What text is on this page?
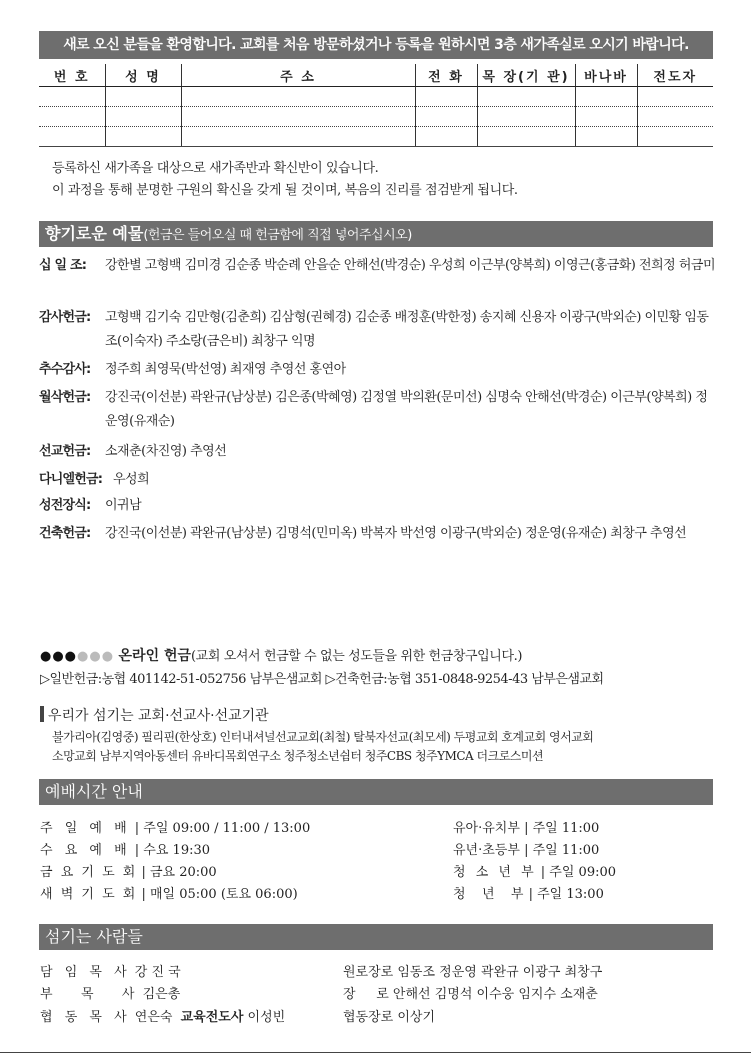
새로 오신 분들을 환영합니다. 교회를 처음 방문하셨거나 등록을 원하시면 3층 새가족실로 오시기 바랍니다.
번 호	성 명	주 소	전 화	목 장(기 관)	바나바	전도자

등록하신 새가족을 대상으로 새가족반과 확신반이 있습니다.
이 과정을 통해 분명한 구원의 확신을 갖게 될 것이며, 복음의 진리를 점검받게 됩니다.
향기로운 예물(헌금은 들어오실 때 헌금함에 직접 넣어주십시오)
십 일 조: 강한별 고형백 김미경 김순종 박순례 안을순 안해선(박경순) 우성희 이근부(양복희) 이영근(홍금화) 전희정 허금미
감사헌금: 고형백 김기숙 김만형(김춘희) 김삼형(권혜경) 김순종 배정훈(박한정) 송지혜 신용자 이광구(박외순) 이민황 임동조(이숙자) 주소랑(금은비) 최창구 익명
추수감사: 정주희 최영묵(박선영) 최재영 추영선 홍연아
월삭헌금: 강진국(이선분) 곽완규(남상분) 김은종(박혜영) 김정열 박의환(문미선) 심명숙 안해선(박경순) 이근부(양복희) 정운영(유재순)
선교헌금: 소재춘(차진영) 추영선
다니엘헌금: 우성희
성전장식: 이귀남
건축헌금: 강진국(이선분) 곽완규(남상분) 김명석(민미옥) 박복자 박선영 이광구(박외순) 정운영(유재순) 최창구 추영선
●●●●●● 온라인 헌금(교회 오셔서 헌금할 수 없는 성도들을 위한 헌금창구입니다.)
▷일반헌금:농협 401142-51-052756 남부은샘교회 ▷건축헌금:농협 351-0848-9254-43 남부은샘교회
우리가 섬기는 교회·선교사·선교기관
불가리아(김영중) 필리핀(한상호) 인터내셔널선교교회(최철) 탈북자선교(최모세) 두평교회 호계교회 영서교회
소망교회 남부지역아동센터 유바디목회연구소 청주청소년쉼터 청주CBS 청주YMCA 더크로스미션
예배시간 안내
주 일 예 배 | 주일 09:00 / 11:00 / 13:00
수 요 예 배 | 수요 19:30
금 요 기 도 회 | 금요 20:00
새 벽 기 도 회 | 매일 05:00 (토요 06:00)
유아·유치부 | 주일 11:00
유년·초등부 | 주일 11:00
청 소 년 부 | 주일 09:00
청   년   부 | 주일 13:00
섬기는 사람들
담 임 목 사 강 진 국	원로장로 임동조 정운영 곽완규 이광구 최창구
부   목   사 김은총	장     로 안해선 김명석 이수웅 임지수 소재춘
협 동 목 사 연은숙 교육전도사 이성빈	협동장로 이상기
